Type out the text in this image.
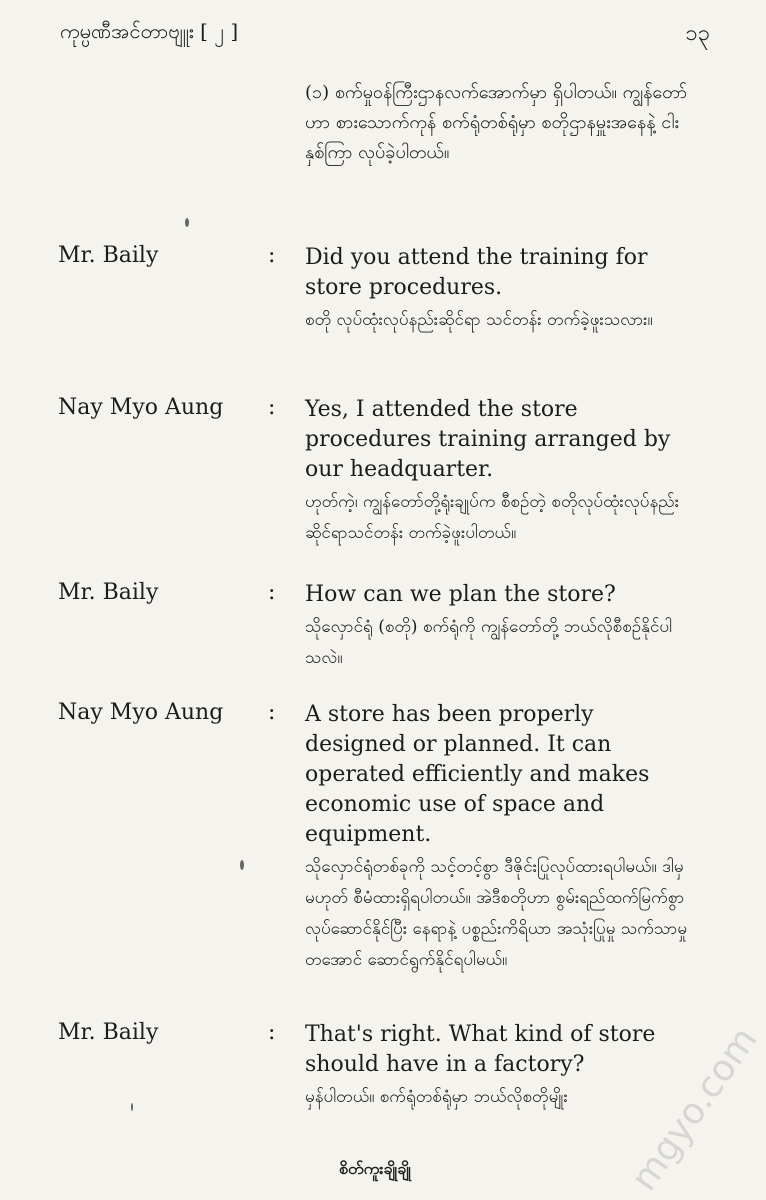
ကုမ္ပဏီအင်တာဗျူး [ ၂ ]	၁၃
(၁) စက်မှုဝန်ကြီးဌာနလက်အောက်မှာ ရှိပါတယ်။ ကျွန်တော်ဟာ စားသောက်ကုန် စက်ရုံတစ်ရုံမှာ စတိုဌာနမှူးအနေနဲ့ ငါးနှစ်ကြာ လုပ်ခဲ့ပါတယ်။
Mr. Baily	: Did you attend the training for store procedures.
စတို လုပ်ထုံးလုပ်နည်းဆိုင်ရာ သင်တန်း တက်ခဲ့ဖူးသလား။
Nay Myo Aung : Yes, I attended the store procedures training arranged by our headquarter.
ဟုတ်ကဲ့၊ ကျွန်တော်တို့ရုံးချုပ်က စီစဉ်တဲ့ စတိုလုပ်ထုံးလုပ်နည်းဆိုင်ရာသင်တန်း တက်ခဲ့ဖူးပါတယ်။
Mr. Baily	: How can we plan the store?
သိုလှောင်ရုံ (စတို) စက်ရုံကို ကျွန်တော်တို့ ဘယ်လိုစီစဉ်နိုင်ပါသလဲ။
Nay Myo Aung : A store has been properly designed or planned. It can operated efficiently and makes economic use of space and equipment.
သိုလှောင်ရုံတစ်ခုကို သင့်တင့်စွာ ဒီဇိုင်းပြုလုပ်ထားရပါမယ်။ ဒါမှမဟုတ် စီမံထားရှိရပါတယ်။ အဲဒီစတိုဟာ စွမ်းရည်ထက်မြက်စွာ လုပ်ဆောင်နိုင်ပြီး နေရာနဲ့ ပစ္စည်းကိရိယာ အသုံးပြုမှု သက်သာမှုတအောင် ဆောင်ရွက်နိုင်ရပါမယ်။
Mr. Baily	: That's right. What kind of store should have in a factory?
မှန်ပါတယ်။ စက်ရုံတစ်ရုံမှာ ဘယ်လိုစတိုမျိုး
စိတ်ကူးချိုချို	mgyo.com
